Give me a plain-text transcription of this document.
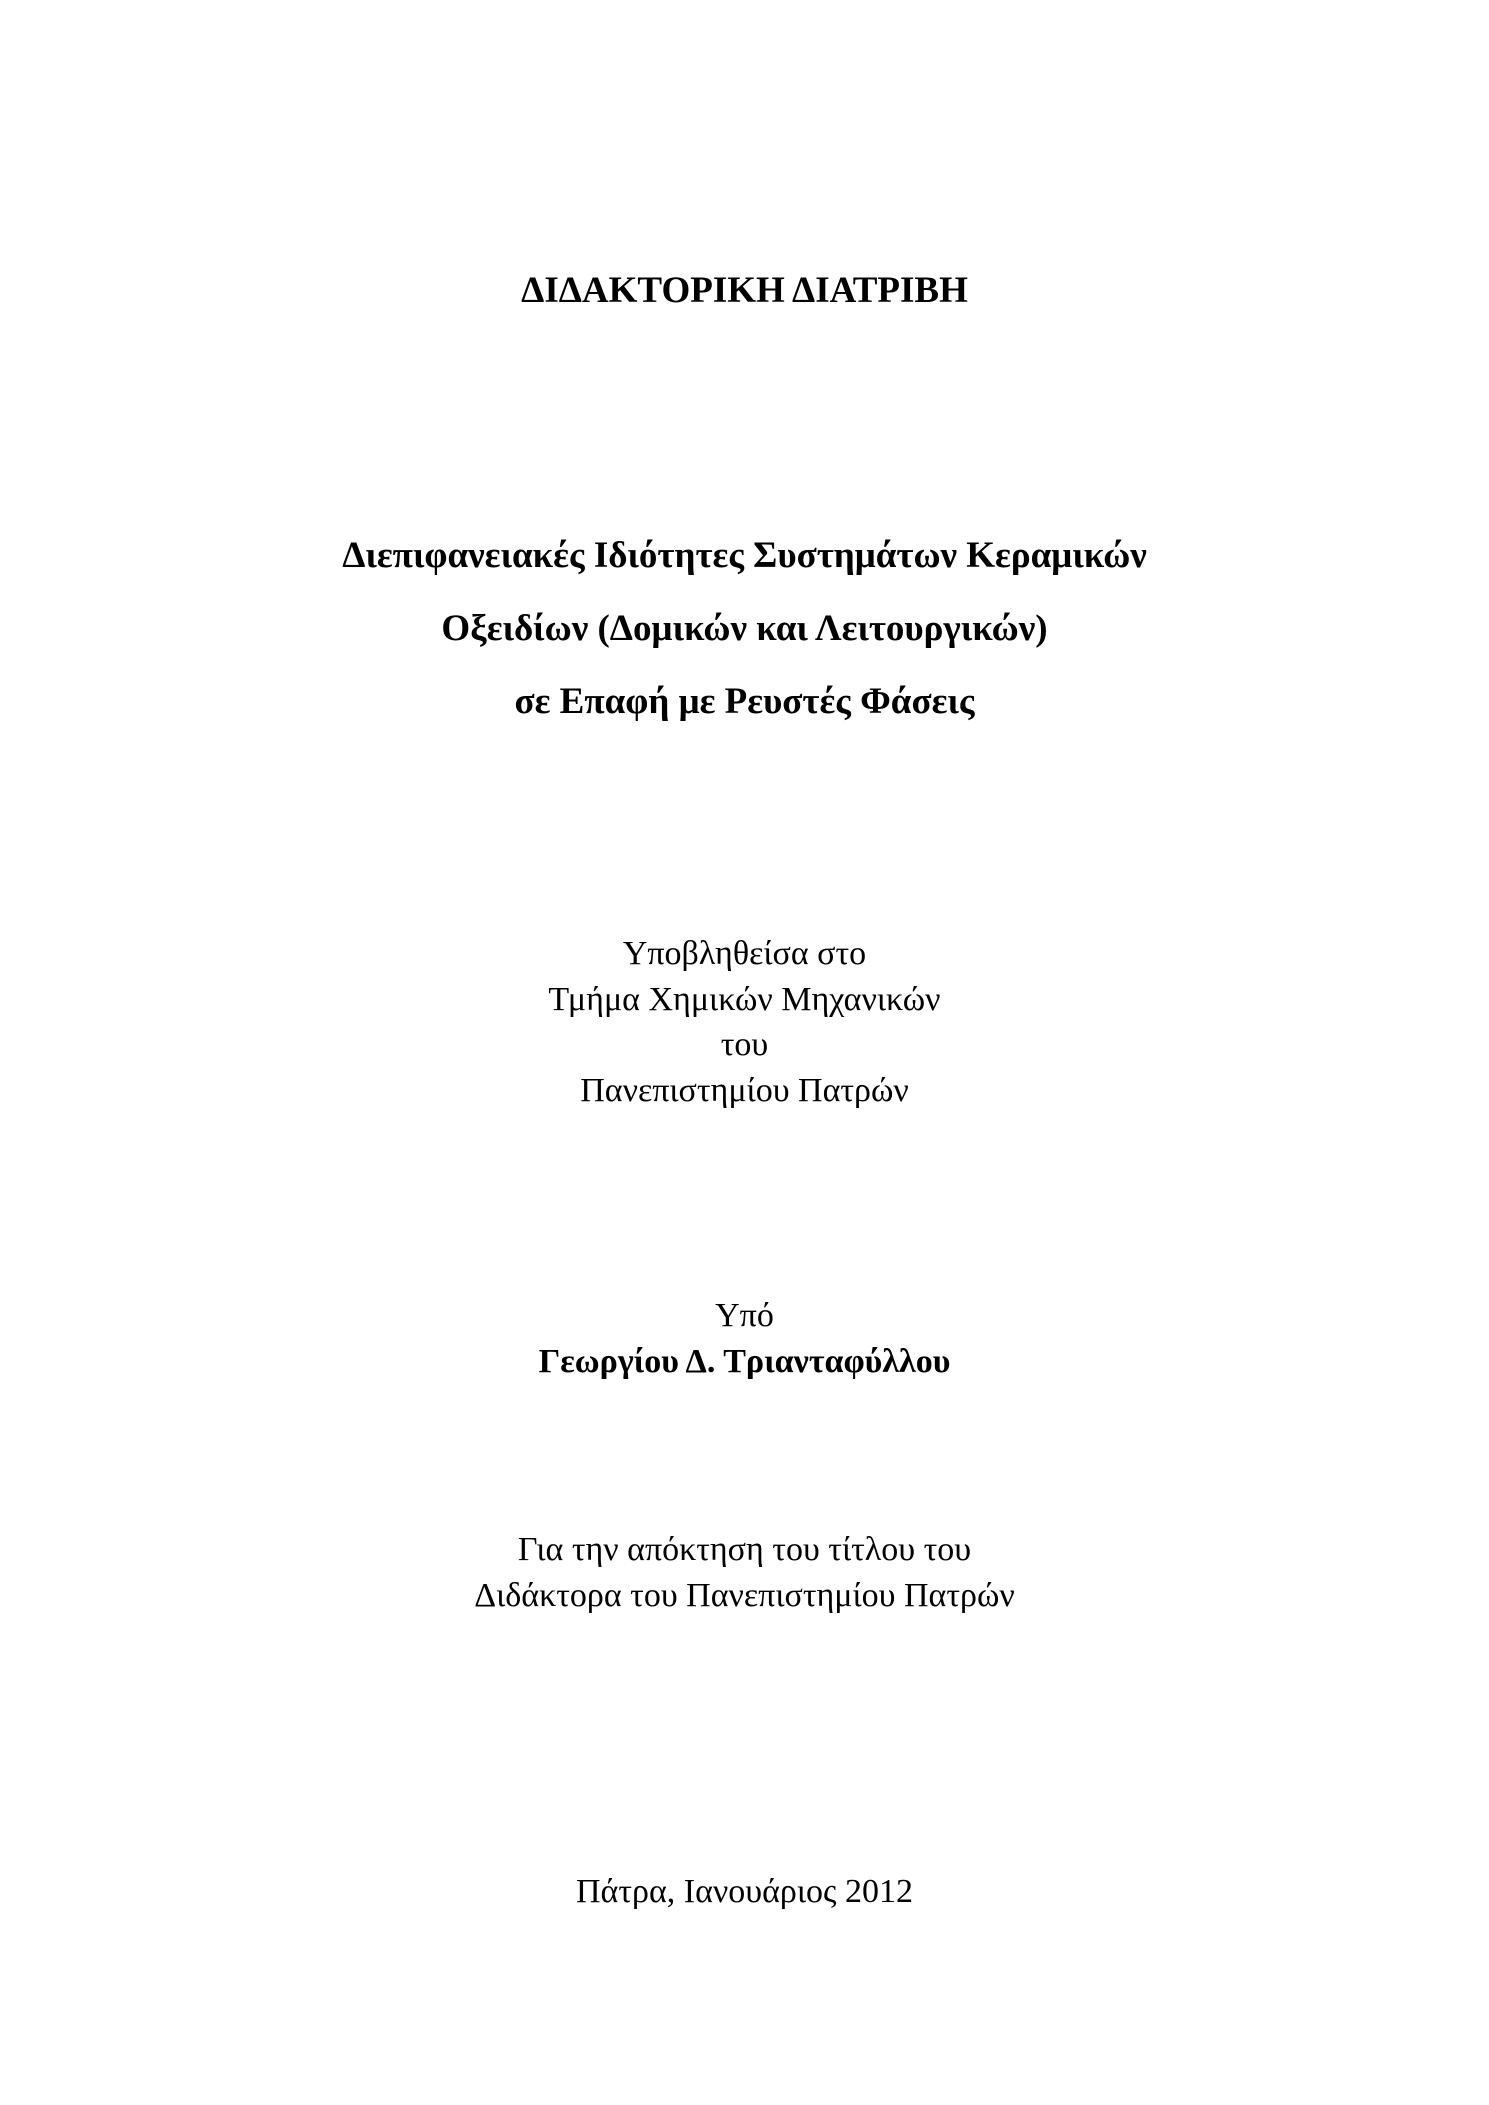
ΔΙΔΑΚΤΟΡΙΚΗ ΔΙΑΤΡΙΒΗ
Διεπιφανειακές Ιδιότητες Συστημάτων Κεραμικών
Οξειδίων (Δομικών και Λειτουργικών)
σε Επαφή με Ρευστές Φάσεις
Υποβληθείσα στο
Τμήμα Χημικών Μηχανικών
του
Πανεπιστημίου Πατρών
Υπό
Γεωργίου Δ. Τριανταφύλλου
Για την απόκτηση του τίτλου του
Διδάκτορα του Πανεπιστημίου Πατρών
Πάτρα, Ιανουάριος 2012
